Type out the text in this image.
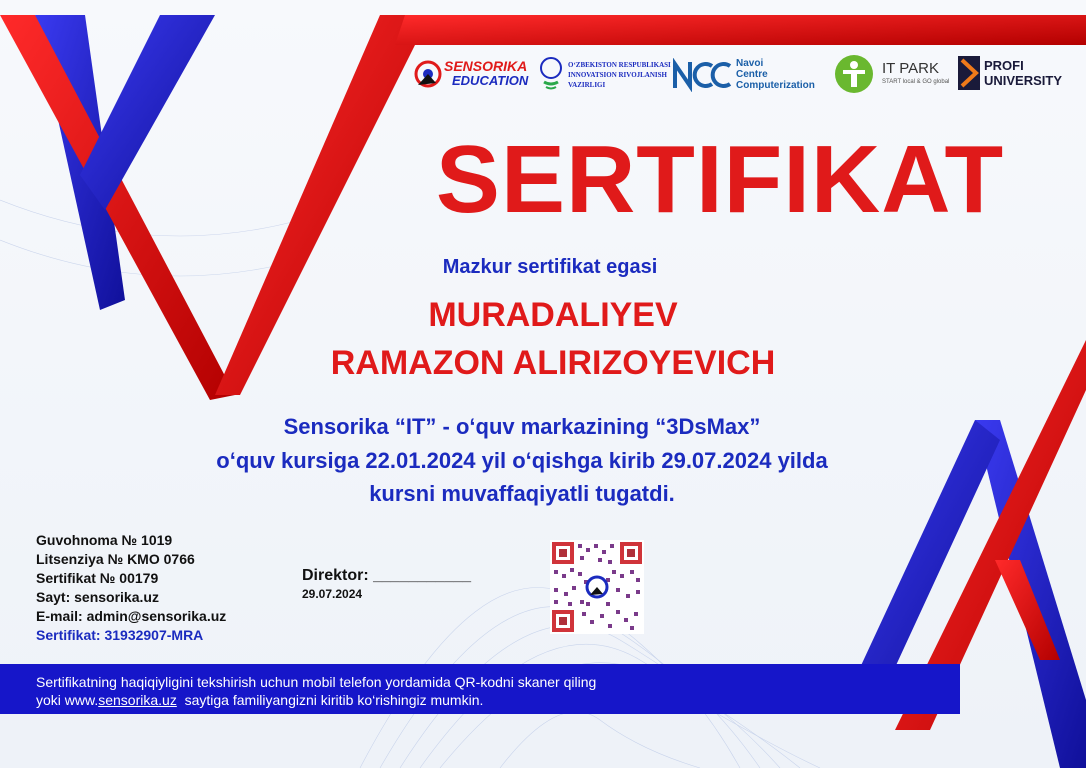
SENSORIKA
EDUCATION
O‘ZBEKISTON RESPUBLIKASI
INNOVATSION RIVOJLANISH
VAZIRLIGI
Navoi
Centre
Computerization
IT PARK
START local & GO global
PROFI
UNIVERSITY
SERTIFIKAT
Mazkur sertifikat egasi
MURADALIYEV
RAMAZON ALIRIZOYEVICH
Sensorika “IT” - o‘quv markazining “3DsMax”
o‘quv kursiga 22.01.2024 yil o‘qishga kirib 29.07.2024 yilda
kursni muvaffaqiyatli tugatdi.
Guvohnoma № 1019
Litsenziya № KMO 0766
Sertifikat № 00179
Sayt: sensorika.uz
E-mail: admin@sensorika.uz
Sertifikat: 31932907-MRA
Direktor: ___________
29.07.2024
Sertifikatning haqiqiyligini tekshirish uchun mobil telefon yordamida QR-kodni skaner qiling
yoki www.sensorika.uz  saytiga familiyangizni kiritib ko‘rishingiz mumkin.
